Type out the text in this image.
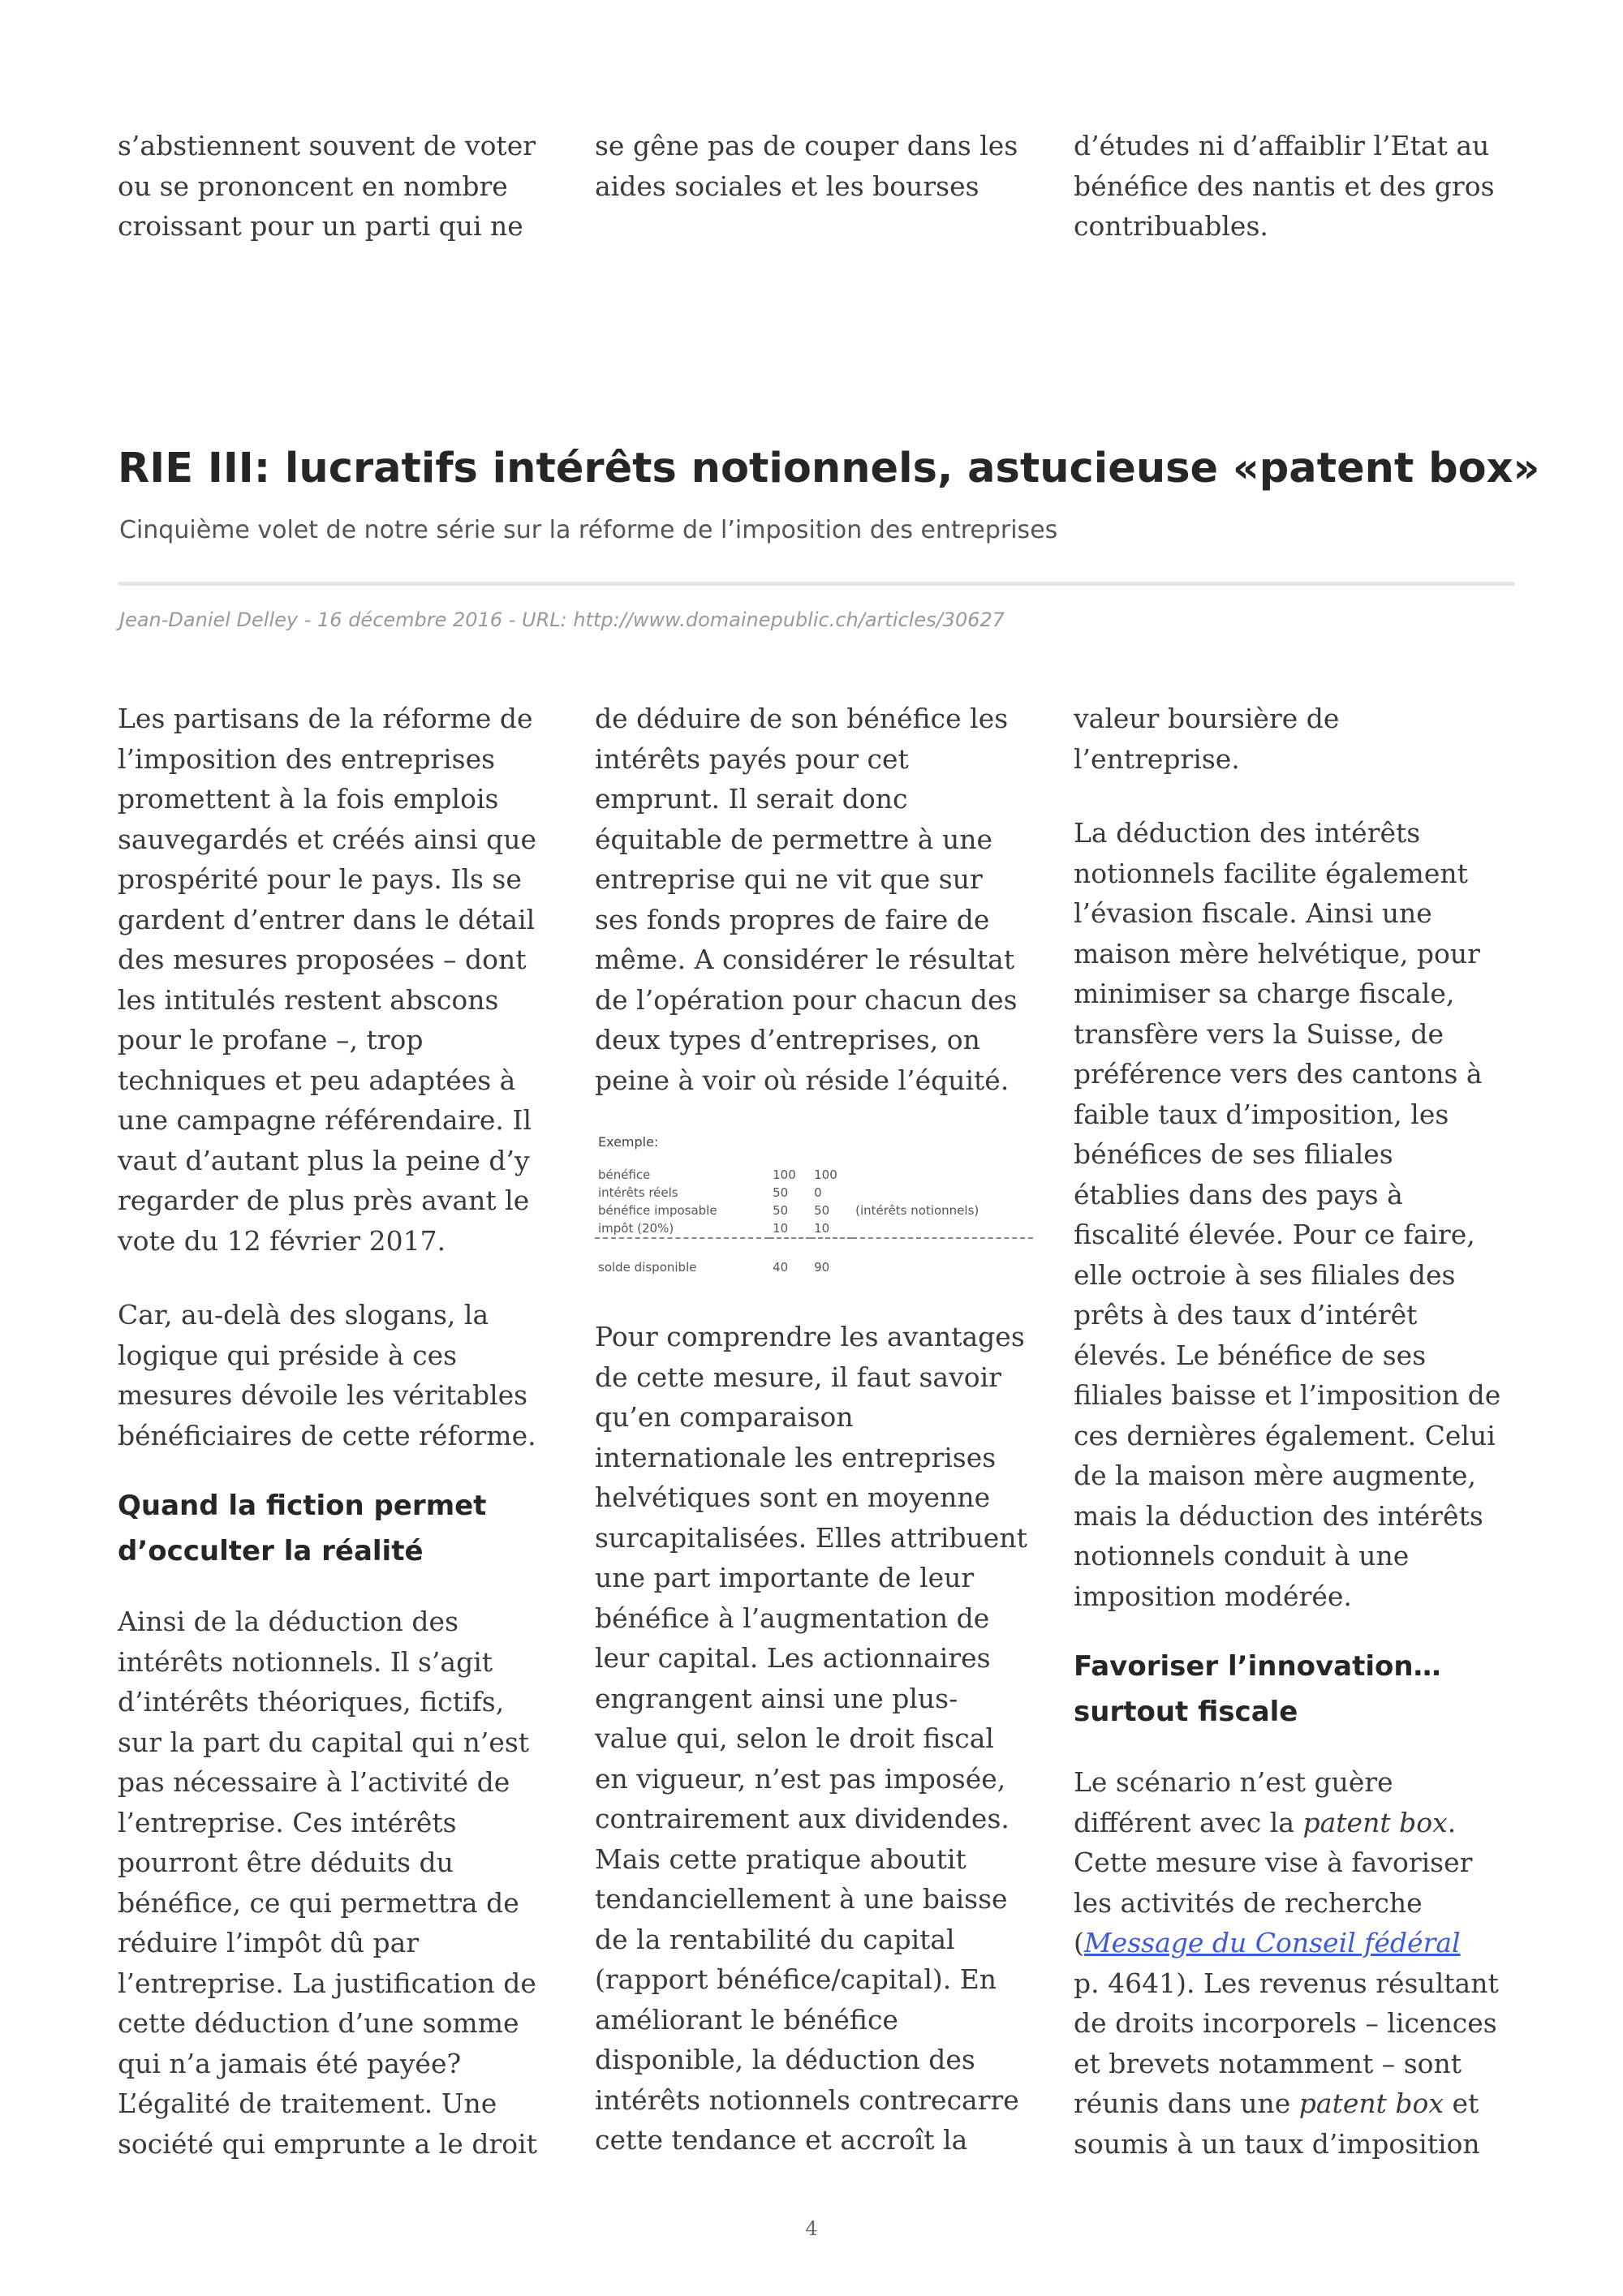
s’abstiennent souvent de voter
ou se prononcent en nombre
croissant pour un parti qui ne

se gêne pas de couper dans les
aides sociales et les bourses

d’études ni d’affaiblir l’Etat au
bénéfice des nantis et des gros
contribuables.

RIE III: lucratifs intérêts notionnels, astucieuse «patent box»

Cinquième volet de notre série sur la réforme de l’imposition des entreprises

Jean-Daniel Delley - 16 décembre 2016 - URL: http://www.domainepublic.ch/articles/30627

Les partisans de la réforme de
l’imposition des entreprises
promettent à la fois emplois
sauvegardés et créés ainsi que
prospérité pour le pays. Ils se
gardent d’entrer dans le détail
des mesures proposées – dont
les intitulés restent abscons
pour le profane –, trop
techniques et peu adaptées à
une campagne référendaire. Il
vaut d’autant plus la peine d’y
regarder de plus près avant le
vote du 12 février 2017.

Car, au-delà des slogans, la
logique qui préside à ces
mesures dévoile les véritables
bénéficiaires de cette réforme.

Quand la fiction permet
d’occulter la réalité

Ainsi de la déduction des
intérêts notionnels. Il s’agit
d’intérêts théoriques, fictifs,
sur la part du capital qui n’est
pas nécessaire à l’activité de
l’entreprise. Ces intérêts
pourront être déduits du
bénéfice, ce qui permettra de
réduire l’impôt dû par
l’entreprise. La justification de
cette déduction d’une somme
qui n’a jamais été payée?
L’égalité de traitement. Une
société qui emprunte a le droit

de déduire de son bénéfice les
intérêts payés pour cet
emprunt. Il serait donc
équitable de permettre à une
entreprise qui ne vit que sur
ses fonds propres de faire de
même. A considérer le résultat
de l’opération pour chacun des
deux types d’entreprises, on
peine à voir où réside l’équité.

Exemple:			
bénéfice	100	100	
intérêts réels	50	0	
bénéfice imposable	50	50	(intérêts notionnels)
impôt (20%)	10	10	

solde disponible	40	90	

Pour comprendre les avantages
de cette mesure, il faut savoir
qu’en comparaison
internationale les entreprises
helvétiques sont en moyenne
surcapitalisées. Elles attribuent
une part importante de leur
bénéfice à l’augmentation de
leur capital. Les actionnaires
engrangent ainsi une plus-
value qui, selon le droit fiscal
en vigueur, n’est pas imposée,
contrairement aux dividendes.
Mais cette pratique aboutit
tendanciellement à une baisse
de la rentabilité du capital
(rapport bénéfice/capital). En
améliorant le bénéfice
disponible, la déduction des
intérêts notionnels contrecarre
cette tendance et accroît la

valeur boursière de
l’entreprise.

La déduction des intérêts
notionnels facilite également
l’évasion fiscale. Ainsi une
maison mère helvétique, pour
minimiser sa charge fiscale,
transfère vers la Suisse, de
préférence vers des cantons à
faible taux d’imposition, les
bénéfices de ses filiales
établies dans des pays à
fiscalité élevée. Pour ce faire,
elle octroie à ses filiales des
prêts à des taux d’intérêt
élevés. Le bénéfice de ses
filiales baisse et l’imposition de
ces dernières également. Celui
de la maison mère augmente,
mais la déduction des intérêts
notionnels conduit à une
imposition modérée.

Favoriser l’innovation…
surtout fiscale

Le scénario n’est guère
différent avec la patent box.
Cette mesure vise à favoriser
les activités de recherche
(Message du Conseil fédéral
p. 4641). Les revenus résultant
de droits incorporels – licences
et brevets notamment – sont
réunis dans une patent box et
soumis à un taux d’imposition

4
